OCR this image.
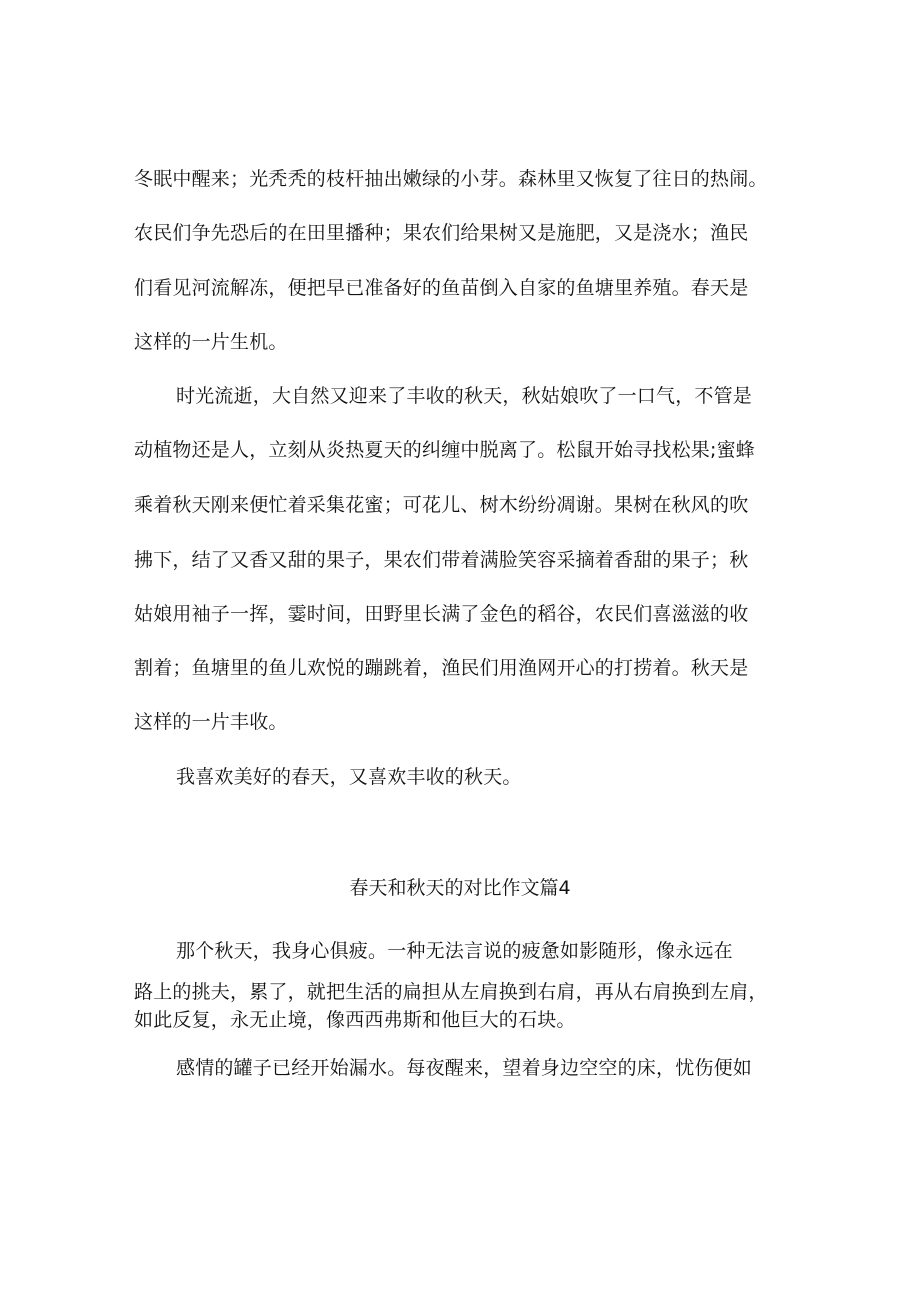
冬眠中醒来；光秃秃的枝杆抽出嫩绿的小芽。森林里又恢复了往日的热闹。
农民们争先恐后的在田里播种；果农们给果树又是施肥，又是浇水；渔民
们看见河流解冻，便把早已准备好的鱼苗倒入自家的鱼塘里养殖。春天是
这样的一片生机。
时光流逝，大自然又迎来了丰收的秋天，秋姑娘吹了一口气，不管是
动植物还是人，立刻从炎热夏天的纠缠中脱离了。松鼠开始寻找松果;蜜蜂
乘着秋天刚来便忙着采集花蜜；可花儿、树木纷纷凋谢。果树在秋风的吹
拂下，结了又香又甜的果子，果农们带着满脸笑容采摘着香甜的果子；秋
姑娘用袖子一挥，霎时间，田野里长满了金色的稻谷，农民们喜滋滋的收
割着；鱼塘里的鱼儿欢悦的蹦跳着，渔民们用渔网开心的打捞着。秋天是
这样的一片丰收。
我喜欢美好的春天，又喜欢丰收的秋天。
春天和秋天的对比作文篇4
那个秋天，我身心俱疲。一种无法言说的疲惫如影随形，像永远在
路上的挑夫，累了，就把生活的扁担从左肩换到右肩，再从右肩换到左肩，
如此反复，永无止境，像西西弗斯和他巨大的石块。
感情的罐子已经开始漏水。每夜醒来，望着身边空空的床，忧伤便如
